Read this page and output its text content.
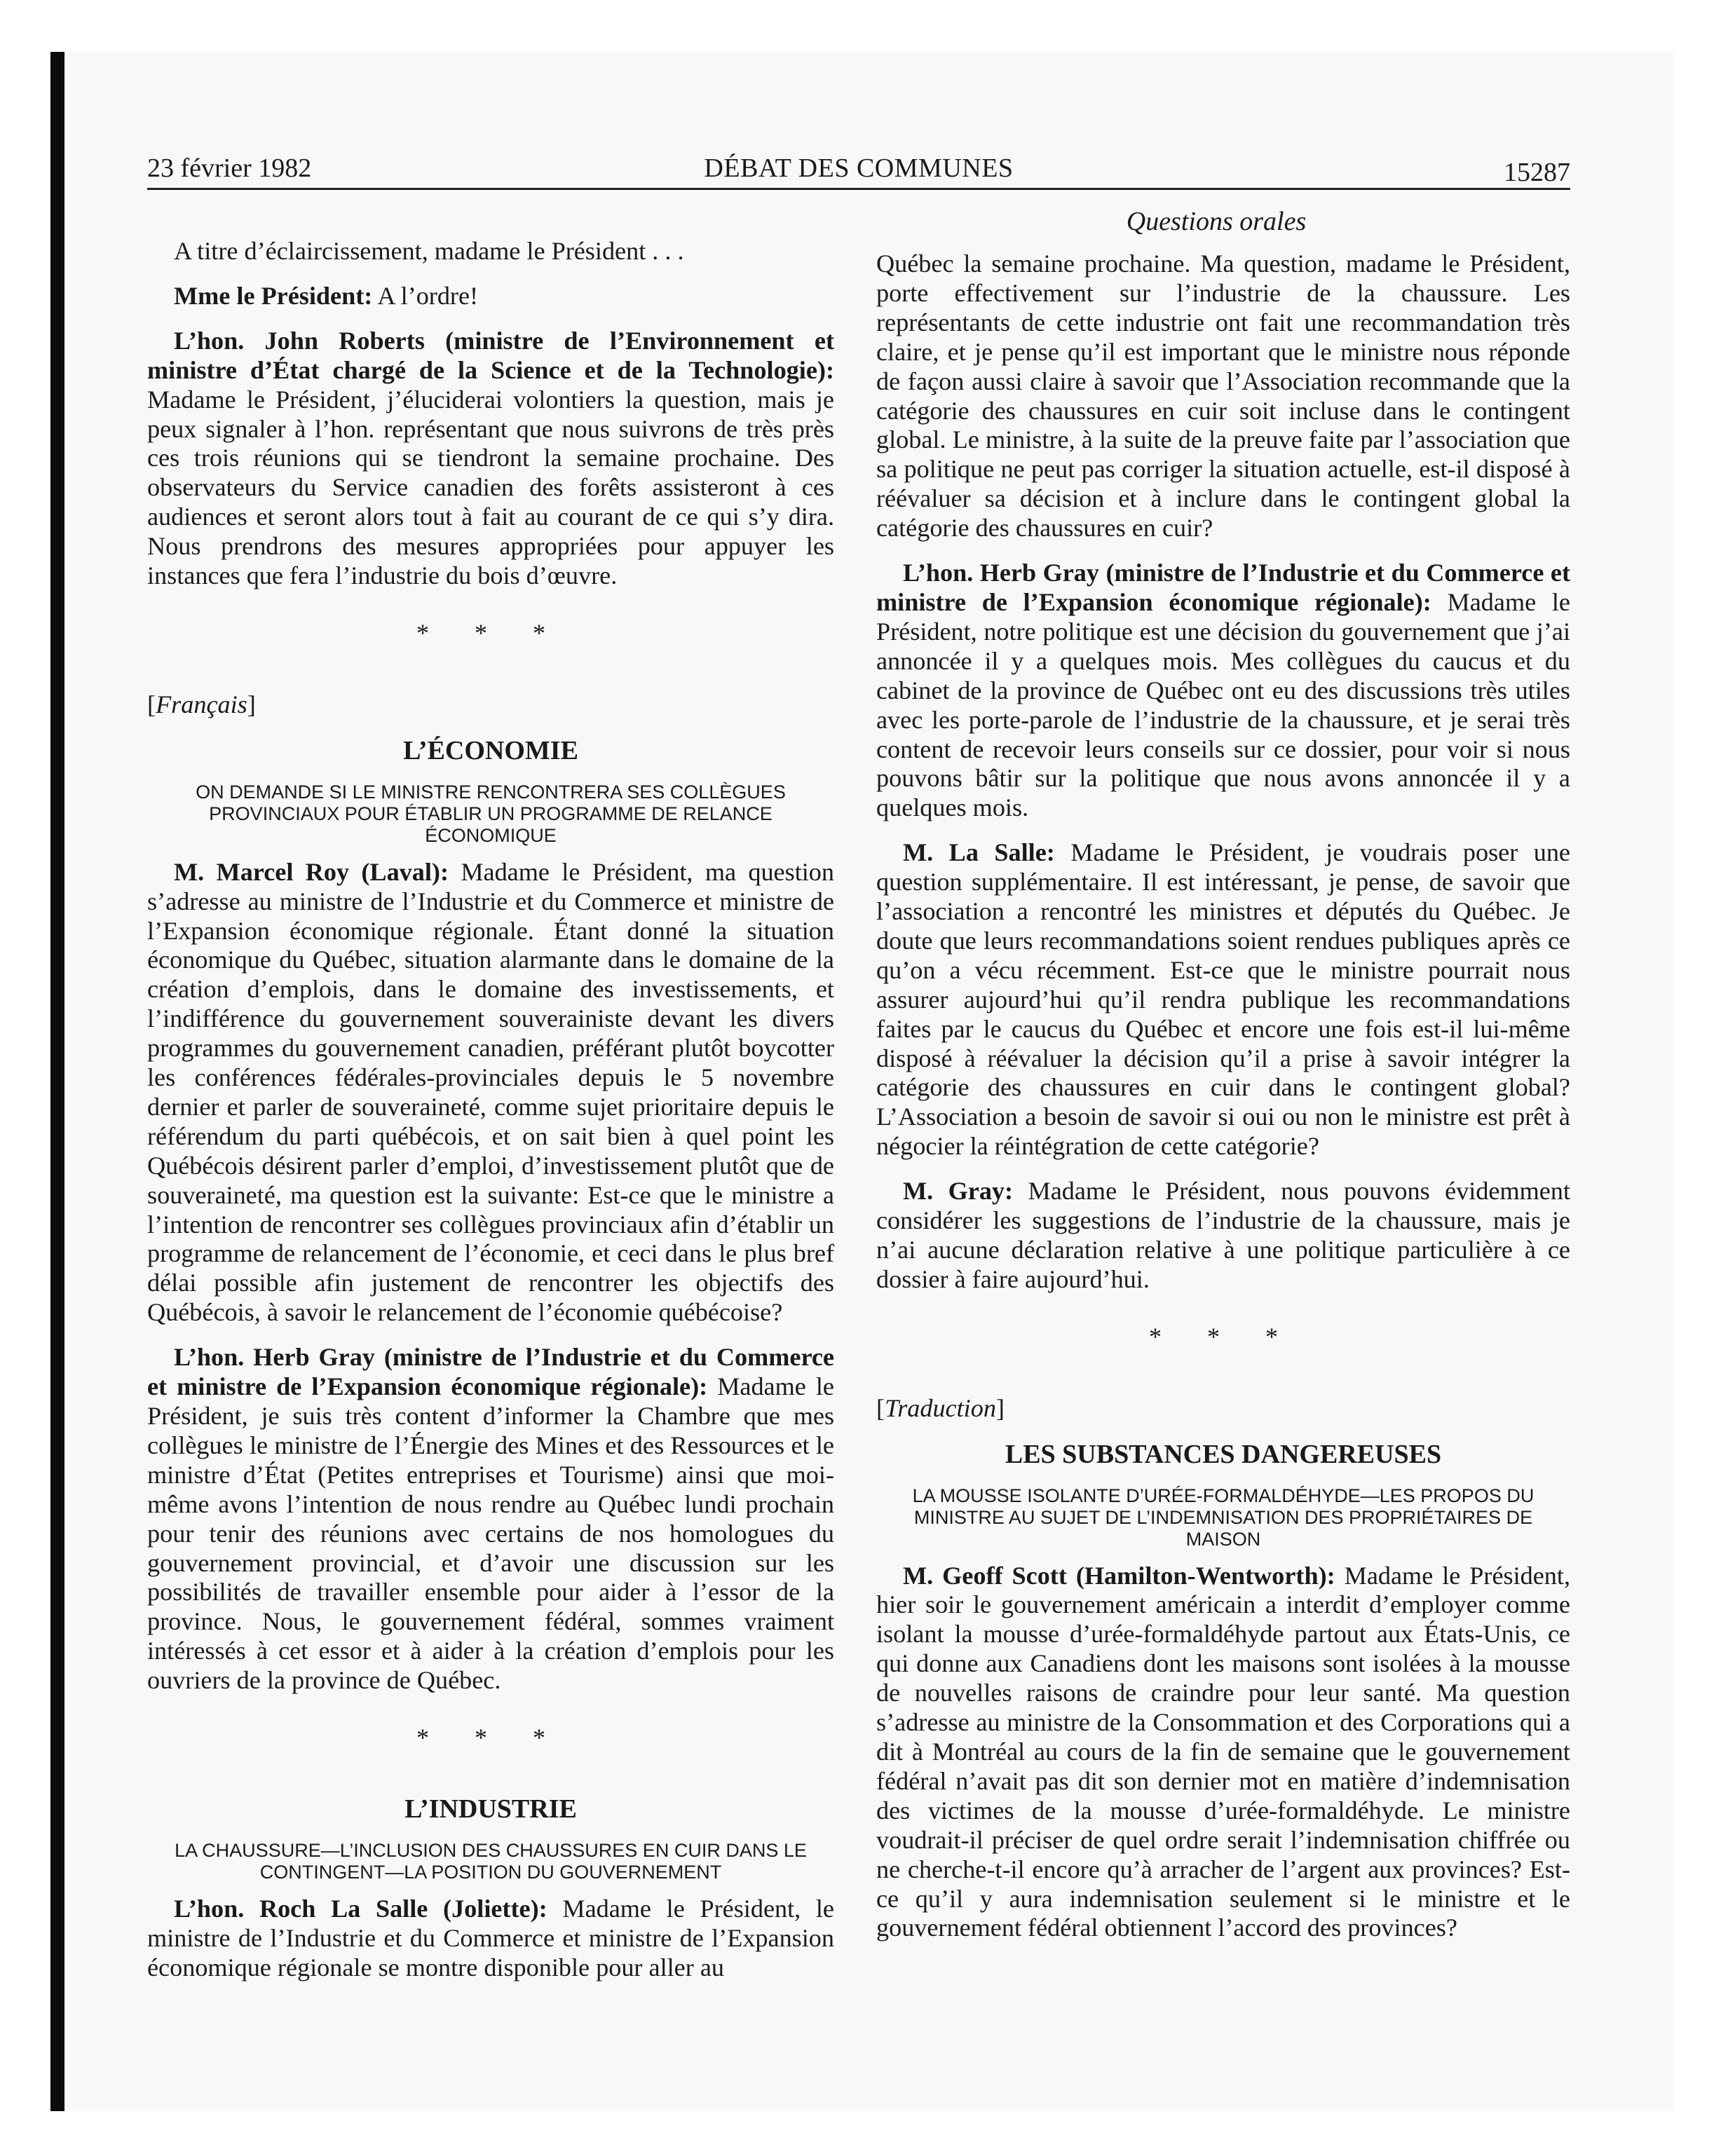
23 février 1982	DÉBAT DES COMMUNES	15287
Questions orales

A titre d’éclaircissement, madame le Président . . .

Mme le Président: A l’ordre!

L’hon. John Roberts (ministre de l’Environnement et ministre d’État chargé de la Science et de la Technologie): Madame le Président, j’éluciderai volontiers la question, mais je peux signaler à l’hon. représentant que nous suivrons de très près ces trois réunions qui se tiendront la semaine prochaine. Des observateurs du Service canadien des forêts assisteront à ces audiences et seront alors tout à fait au courant de ce qui s’y dira. Nous prendrons des mesures appropriées pour appuyer les instances que fera l’industrie du bois d’œuvre.

* * *
[Français]
L’ÉCONOMIE
ON DEMANDE SI LE MINISTRE RENCONTRERA SES COLLÈGUES PROVINCIAUX POUR ÉTABLIR UN PROGRAMME DE RELANCE ÉCONOMIQUE

M. Marcel Roy (Laval): Madame le Président, ma question s’adresse au ministre de l’Industrie et du Commerce et ministre de l’Expansion économique régionale. Étant donné la situation économique du Québec, situation alarmante dans le domaine de la création d’emplois, dans le domaine des investissements, et l’indifférence du gouvernement souverainiste devant les divers programmes du gouvernement canadien, préférant plutôt boycotter les conférences fédérales-provinciales depuis le 5 novembre dernier et parler de souveraineté, comme sujet prioritaire depuis le référendum du parti québécois, et on sait bien à quel point les Québécois désirent parler d’emploi, d’investissement plutôt que de souveraineté, ma question est la suivante: Est-ce que le ministre a l’intention de rencontrer ses collègues provinciaux afin d’établir un programme de relancement de l’économie, et ceci dans le plus bref délai possible afin justement de rencontrer les objectifs des Québécois, à savoir le relancement de l’économie québécoise?

L’hon. Herb Gray (ministre de l’Industrie et du Commerce et ministre de l’Expansion économique régionale): Madame le Président, je suis très content d’informer la Chambre que mes collègues le ministre de l’Énergie des Mines et des Ressources et le ministre d’État (Petites entreprises et Tourisme) ainsi que moi-même avons l’intention de nous rendre au Québec lundi prochain pour tenir des réunions avec certains de nos homologues du gouvernement provincial, et d’avoir une discussion sur les possibilités de travailler ensemble pour aider à l’essor de la province. Nous, le gouvernement fédéral, sommes vraiment intéressés à cet essor et à aider à la création d’emplois pour les ouvriers de la province de Québec.

* * *
L’INDUSTRIE
LA CHAUSSURE—L’INCLUSION DES CHAUSSURES EN CUIR DANS LE CONTINGENT—LA POSITION DU GOUVERNEMENT

L’hon. Roch La Salle (Joliette): Madame le Président, le ministre de l’Industrie et du Commerce et ministre de l’Expansion économique régionale se montre disponible pour aller au

Québec la semaine prochaine. Ma question, madame le Président, porte effectivement sur l’industrie de la chaussure. Les représentants de cette industrie ont fait une recommandation très claire, et je pense qu’il est important que le ministre nous réponde de façon aussi claire à savoir que l’Association recommande que la catégorie des chaussures en cuir soit incluse dans le contingent global. Le ministre, à la suite de la preuve faite par l’association que sa politique ne peut pas corriger la situation actuelle, est-il disposé à réévaluer sa décision et à inclure dans le contingent global la catégorie des chaussures en cuir?

L’hon. Herb Gray (ministre de l’Industrie et du Commerce et ministre de l’Expansion économique régionale): Madame le Président, notre politique est une décision du gouvernement que j’ai annoncée il y a quelques mois. Mes collègues du caucus et du cabinet de la province de Québec ont eu des discussions très utiles avec les porte-parole de l’industrie de la chaussure, et je serai très content de recevoir leurs conseils sur ce dossier, pour voir si nous pouvons bâtir sur la politique que nous avons annoncée il y a quelques mois.

M. La Salle: Madame le Président, je voudrais poser une question supplémentaire. Il est intéressant, je pense, de savoir que l’association a rencontré les ministres et députés du Québec. Je doute que leurs recommandations soient rendues publiques après ce qu’on a vécu récemment. Est-ce que le ministre pourrait nous assurer aujourd’hui qu’il rendra publique les recommandations faites par le caucus du Québec et encore une fois est-il lui-même disposé à réévaluer la décision qu’il a prise à savoir intégrer la catégorie des chaussures en cuir dans le contingent global? L’Association a besoin de savoir si oui ou non le ministre est prêt à négocier la réintégration de cette catégorie?

M. Gray: Madame le Président, nous pouvons évidemment considérer les suggestions de l’industrie de la chaussure, mais je n’ai aucune déclaration relative à une politique particulière à ce dossier à faire aujourd’hui.

* * *
[Traduction]
LES SUBSTANCES DANGEREUSES
LA MOUSSE ISOLANTE D’URÉE-FORMALDÉHYDE—LES PROPOS DU MINISTRE AU SUJET DE L’INDEMNISATION DES PROPRIÉTAIRES DE MAISON

M. Geoff Scott (Hamilton-Wentworth): Madame le Président, hier soir le gouvernement américain a interdit d’employer comme isolant la mousse d’urée-formaldéhyde partout aux États-Unis, ce qui donne aux Canadiens dont les maisons sont isolées à la mousse de nouvelles raisons de craindre pour leur santé. Ma question s’adresse au ministre de la Consommation et des Corporations qui a dit à Montréal au cours de la fin de semaine que le gouvernement fédéral n’avait pas dit son dernier mot en matière d’indemnisation des victimes de la mousse d’urée-formaldéhyde. Le ministre voudrait-il préciser de quel ordre serait l’indemnisation chiffrée ou ne cherche-t-il encore qu’à arracher de l’argent aux provinces? Est-ce qu’il y aura indemnisation seulement si le ministre et le gouvernement fédéral obtiennent l’accord des provinces?
